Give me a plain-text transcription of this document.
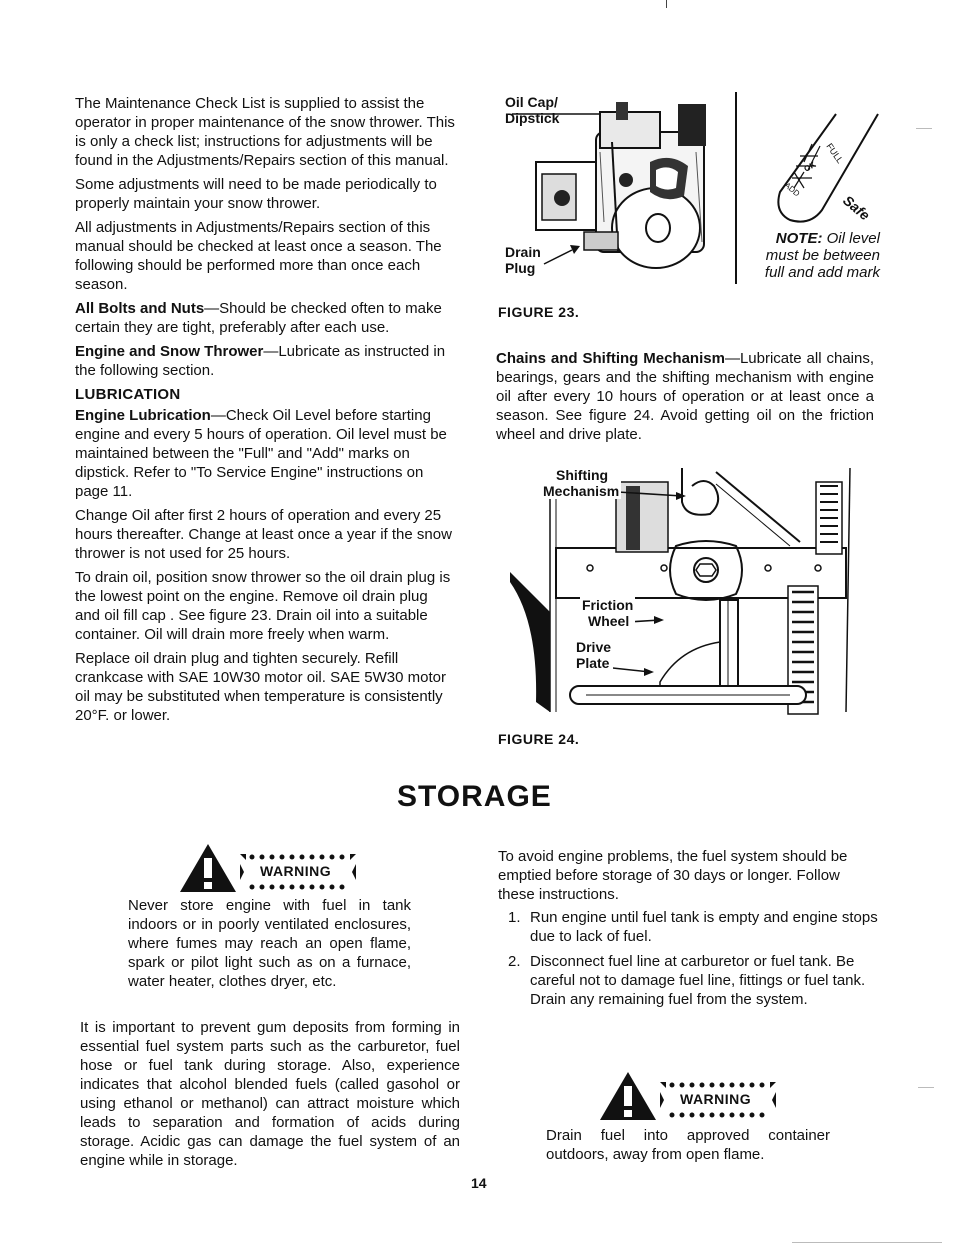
The Maintenance Check List is supplied to assist the operator in proper maintenance of the snow thrower. This is only a check list; instructions for adjustments will be found in the Adjustments/Repairs section of this manual.

Some adjustments will need to be made periodically to properly maintain your snow thrower.

All adjustments in Adjustments/Repairs section of this manual should be checked at least once a season. The following should be performed more than once each season.

All Bolts and Nuts—Should be checked often to make certain they are tight, preferably after each use.

Engine and Snow Thrower—Lubricate as instructed in the following section.

LUBRICATION

Engine Lubrication—Check Oil Level before starting engine and every 5 hours of operation. Oil level must be maintained between the "Full" and "Add" marks on dipstick. Refer to "To Service Engine" instructions on page 11.

Change Oil after first 2 hours of operation and every 25 hours thereafter. Change at least once a year if the snow thrower is not used for 25 hours.

To drain oil, position snow thrower so the oil drain plug is the lowest point on the engine. Remove oil drain plug and oil fill cap . See figure 23. Drain oil into a suitable container. Oil will drain more freely when warm.

Replace oil drain plug and tighten securely. Refill crankcase with SAE 10W30 motor oil. SAE 5W30 motor oil may be substituted when temperature is consistently 20°F. or lower.

Oil Cap/
Dipstick
Drain
Plug
FULL
OK
ADD
Safe
NOTE: Oil level must be between full and add mark
FIGURE 23.

Chains and Shifting Mechanism—Lubricate all chains, bearings, gears and the shifting mechanism with engine oil after every 10 hours of operation or at least once a season. See figure 24. Avoid getting oil on the friction wheel and drive plate.

Shifting
Mechanism
Friction
Wheel
Drive
Plate
FIGURE 24.
STORAGE
WARNING

Never store engine with fuel in tank indoors or in poorly ventilated enclosures, where fumes may reach an open flame, spark or pilot light such as on a furnace, water heater, clothes dryer, etc.

It is important to prevent gum deposits from forming in essential fuel system parts such as the carburetor, fuel hose or fuel tank during storage. Also, experience indicates that alcohol blended fuels (called gasohol or using ethanol or methanol) can attract moisture which leads to separation and formation of acids during storage. Acidic gas can damage the fuel system of an engine while in storage.

To avoid engine problems, the fuel system should be emptied before storage of 30 days or longer. Follow these instructions.

1. Run engine until fuel tank is empty and engine stops due to lack of fuel.
2. Disconnect fuel line at carburetor or fuel tank. Be careful not to damage fuel line, fittings or fuel tank. Drain any remaining fuel from the system.
WARNING

Drain fuel into approved container outdoors, away from open flame.

14
